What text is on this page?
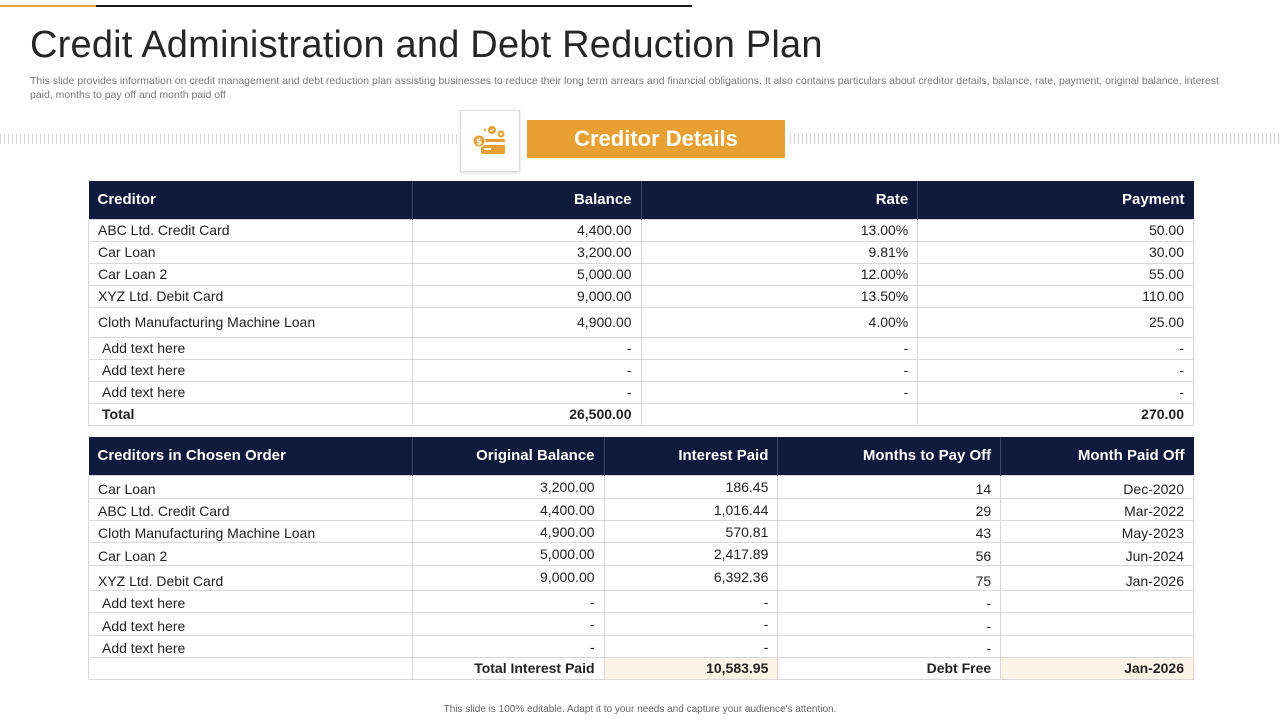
Credit Administration and Debt Reduction Plan
This slide provides information on credit management and debt reduction plan assisting businesses to reduce their long term arrears and financial obligations. It also contains particulars about creditor details, balance, rate, payment, original balance, interest paid, months to pay off and month paid off
$	Creditor Details
Creditor	Balance	Rate	Payment
ABC Ltd. Credit Card	4,400.00	13.00%	50.00
Car Loan	3,200.00	9.81%	30.00
Car Loan 2	5,000.00	12.00%	55.00
XYZ Ltd. Debit Card	9,000.00	13.50%	110.00
Cloth Manufacturing Machine Loan	4,900.00	4.00%	25.00
Add text here	-	-	-
Add text here	-	-	-
Add text here	-	-	-
Total	26,500.00		270.00
Creditors in Chosen Order	Original Balance	Interest Paid	Months to Pay Off	Month Paid Off
Car Loan	3,200.00	186.45	14	Dec-2020
ABC Ltd. Credit Card	4,400.00	1,016.44	29	Mar-2022
Cloth Manufacturing Machine Loan	4,900.00	570.81	43	May-2023
Car Loan 2	5,000.00	2,417.89	56	Jun-2024
XYZ Ltd. Debit Card	9,000.00	6,392.36	75	Jan-2026
Add text here	-	-	-	
Add text here	-	-	-	
Add text here	-	-	-	
	Total Interest Paid	10,583.95	Debt Free	Jan-2026
This slide is 100% editable. Adapt it to your needs and capture your audience's attention.
